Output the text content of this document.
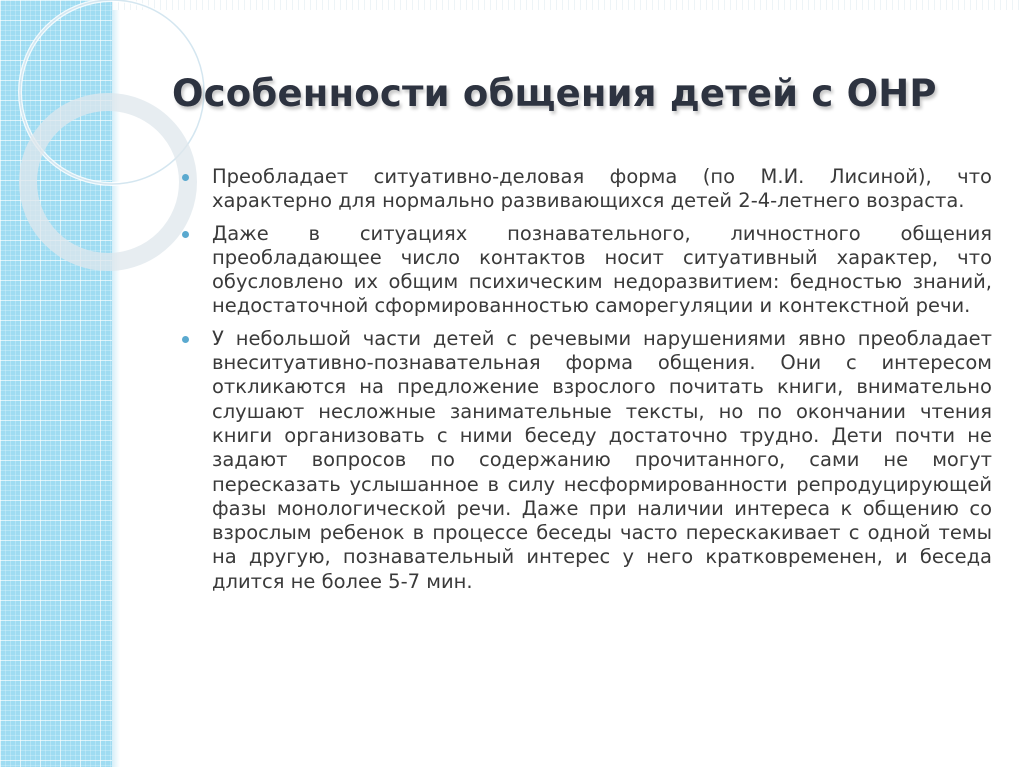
Особенности общения детей с ОНР
Преобладает ситуативно-деловая форма (по М.И. Лисиной), что характерно для нормально развивающихся детей 2-4-летнего возраста.
Даже в ситуациях познавательного, личностного общения преобладающее число контактов носит ситуативный характер, что обусловлено их общим психическим недоразвитием: бедностью знаний, недостаточной сформированностью саморегуляции и контекстной речи.
У небольшой части детей с речевыми нарушениями явно преобладает внеситуативно-познавательная форма общения. Они с интересом откликаются на предложение взрослого почитать книги, внимательно слушают несложные занимательные тексты, но по окончании чтения книги организовать с ними беседу достаточно трудно. Дети почти не задают вопросов по содержанию прочитанного, сами не могут пересказать услышанное в силу несформированности репродуцирующей фазы монологической речи. Даже при наличии интереса к общению со взрослым ребенок в процессе беседы часто перескакивает с одной темы на другую, познавательный интерес у него кратковременен, и беседа длится не более 5-7 мин.
